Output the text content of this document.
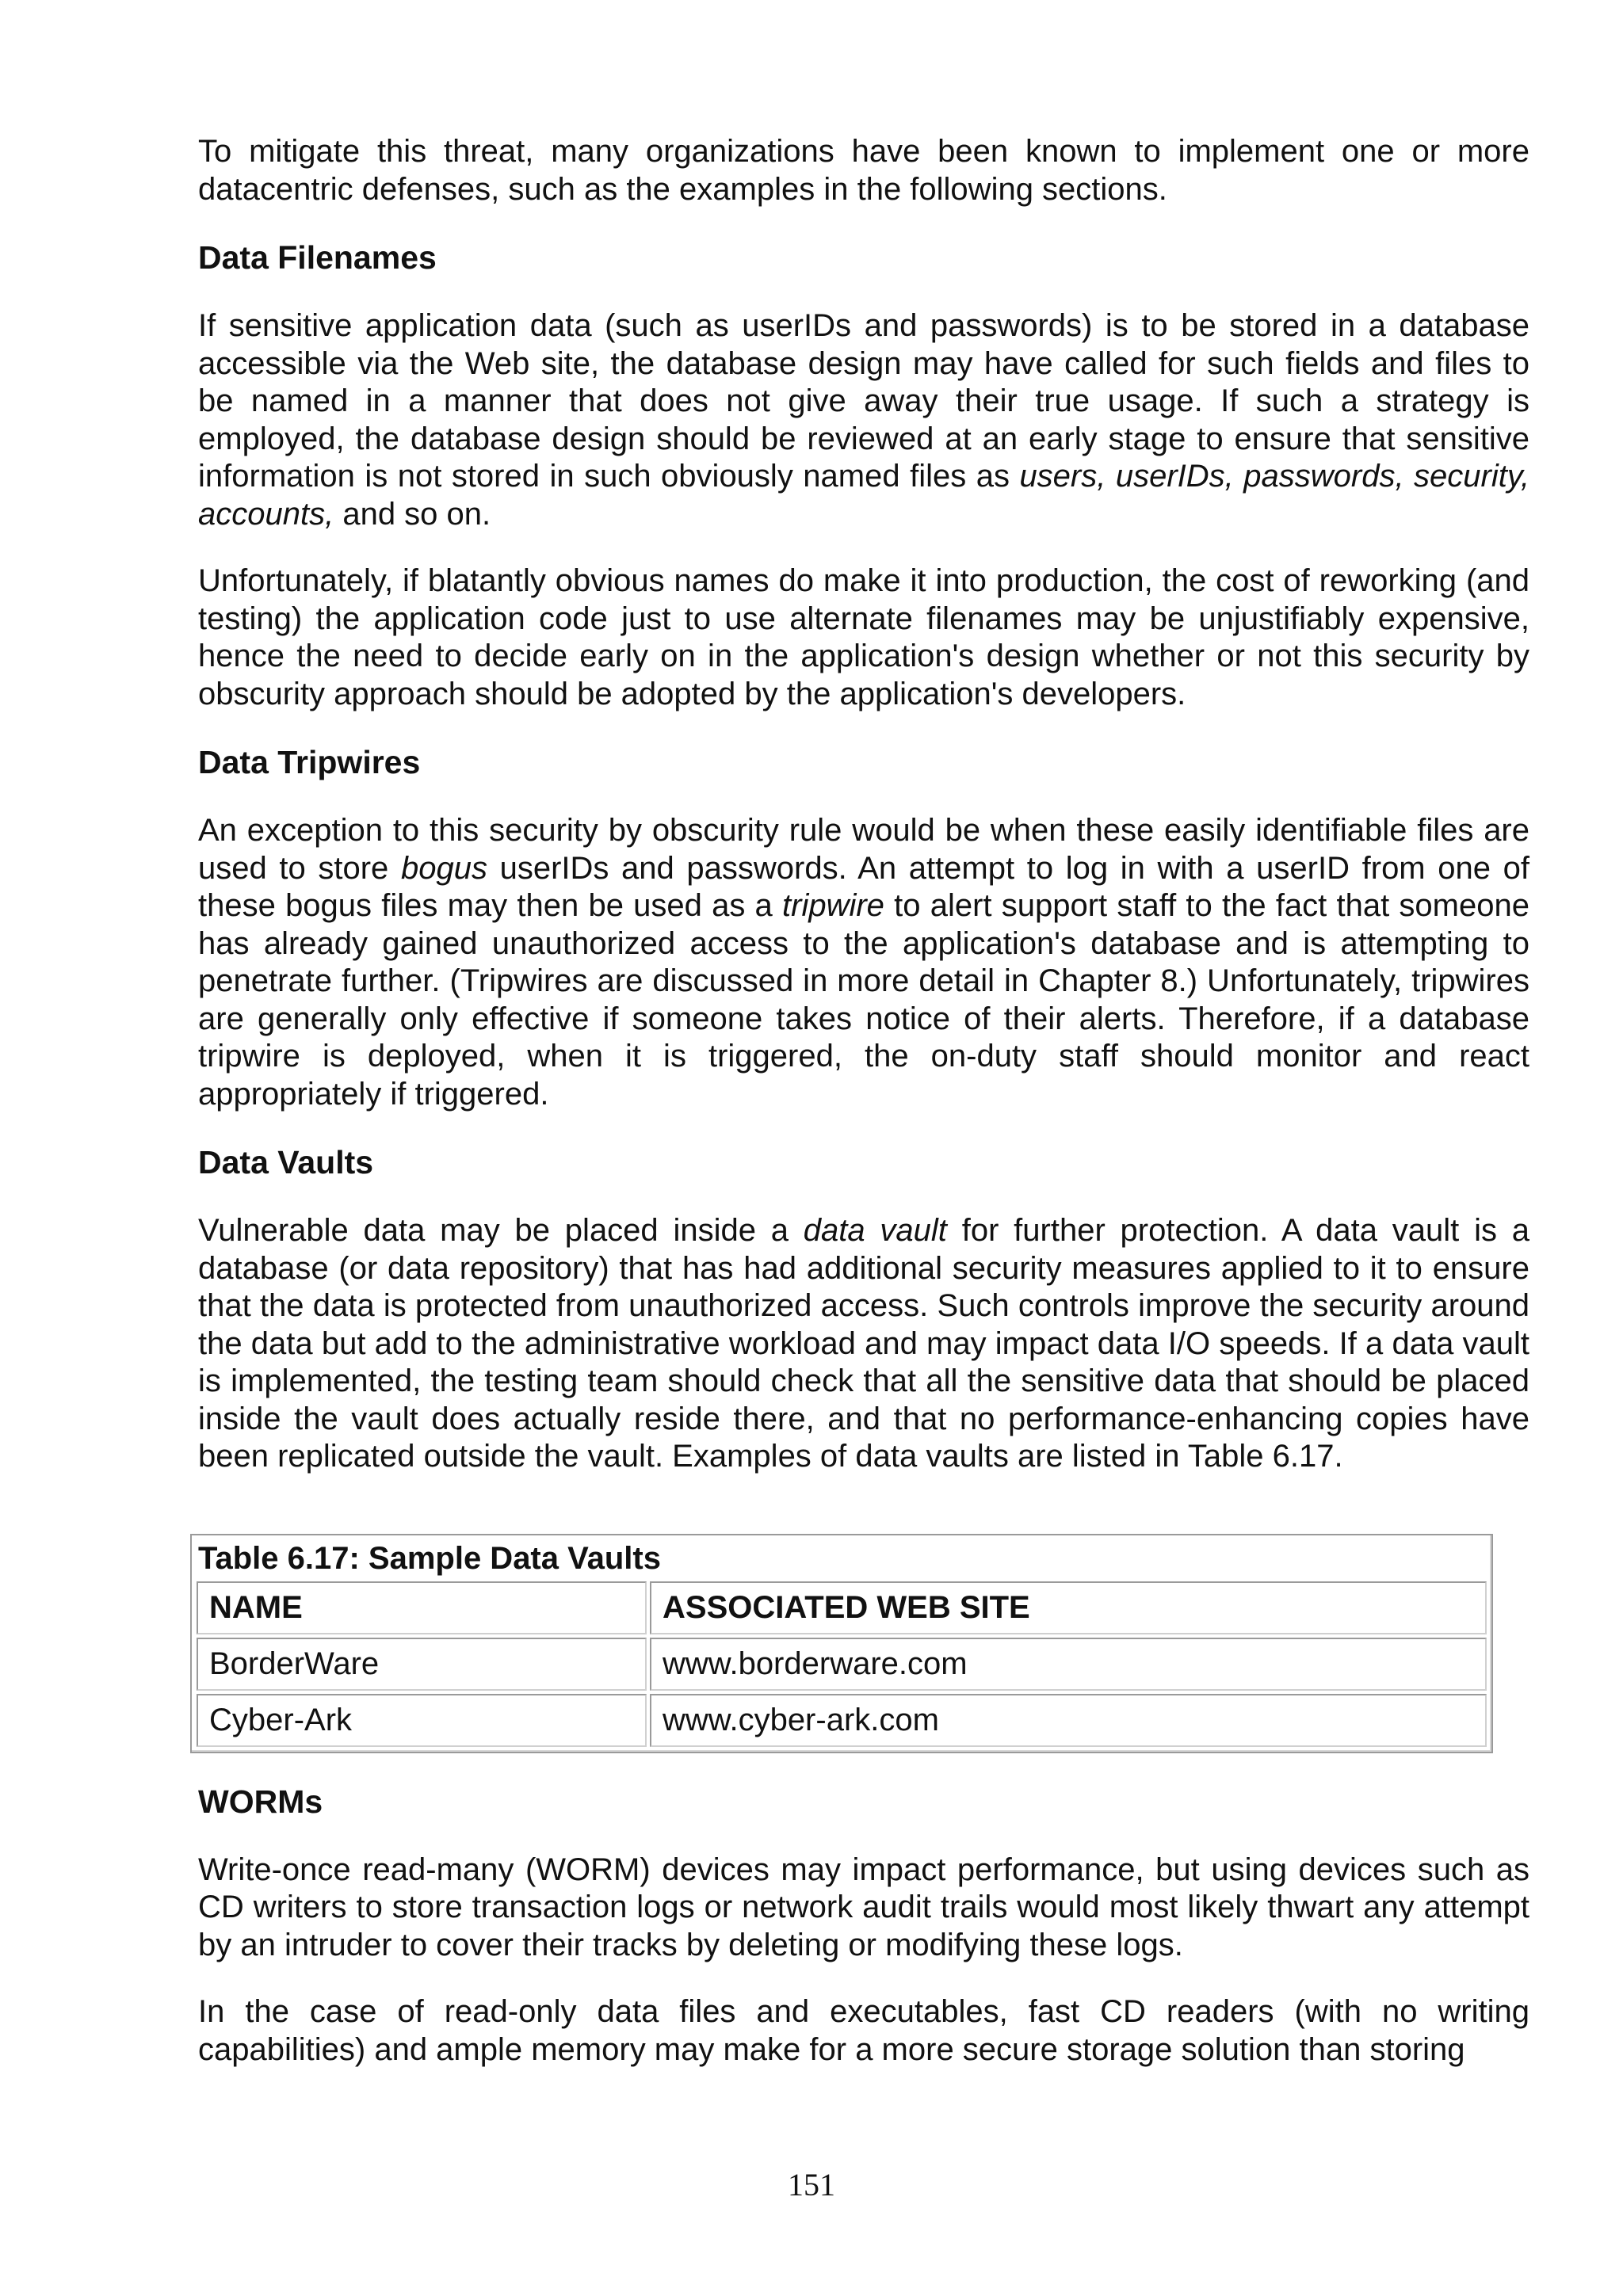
To mitigate this threat, many organizations have been known to implement one or more datacentric defenses, such as the examples in the following sections.

Data Filenames

If sensitive application data (such as userIDs and passwords) is to be stored in a database accessible via the Web site, the database design may have called for such fields and files to be named in a manner that does not give away their true usage. If such a strategy is employed, the database design should be reviewed at an early stage to ensure that sensitive information is not stored in such obviously named files as users, userIDs, passwords, security, accounts, and so on.

Unfortunately, if blatantly obvious names do make it into production, the cost of reworking (and testing) the application code just to use alternate filenames may be unjustifiably expensive, hence the need to decide early on in the application's design whether or not this security by obscurity approach should be adopted by the application's developers.

Data Tripwires

An exception to this security by obscurity rule would be when these easily identifiable files are used to store bogus userIDs and passwords. An attempt to log in with a userID from one of these bogus files may then be used as a tripwire to alert support staff to the fact that someone has already gained unauthorized access to the application's database and is attempting to penetrate further. (Tripwires are discussed in more detail in Chapter 8.) Unfortunately, tripwires are generally only effective if someone takes notice of their alerts. Therefore, if a database tripwire is deployed, when it is triggered, the on-duty staff should monitor and react appropriately if triggered.

Data Vaults

Vulnerable data may be placed inside a data vault for further protection. A data vault is a database (or data repository) that has had additional security measures applied to it to ensure that the data is protected from unauthorized access. Such controls improve the security around the data but add to the administrative workload and may impact data I/O speeds. If a data vault is implemented, the testing team should check that all the sensitive data that should be placed inside the vault does actually reside there, and that no performance-enhancing copies have been replicated outside the vault. Examples of data vaults are listed in Table 6.17.

Table 6.17: Sample Data Vaults
NAME	ASSOCIATED WEB SITE
BorderWare	www.borderware.com
Cyber-Ark	www.cyber-ark.com
WORMs

Write-once read-many (WORM) devices may impact performance, but using devices such as CD writers to store transaction logs or network audit trails would most likely thwart any attempt by an intruder to cover their tracks by deleting or modifying these logs.

In the case of read-only data files and executables, fast CD readers (with no writing capabilities) and ample memory may make for a more secure storage solution than storing

151
